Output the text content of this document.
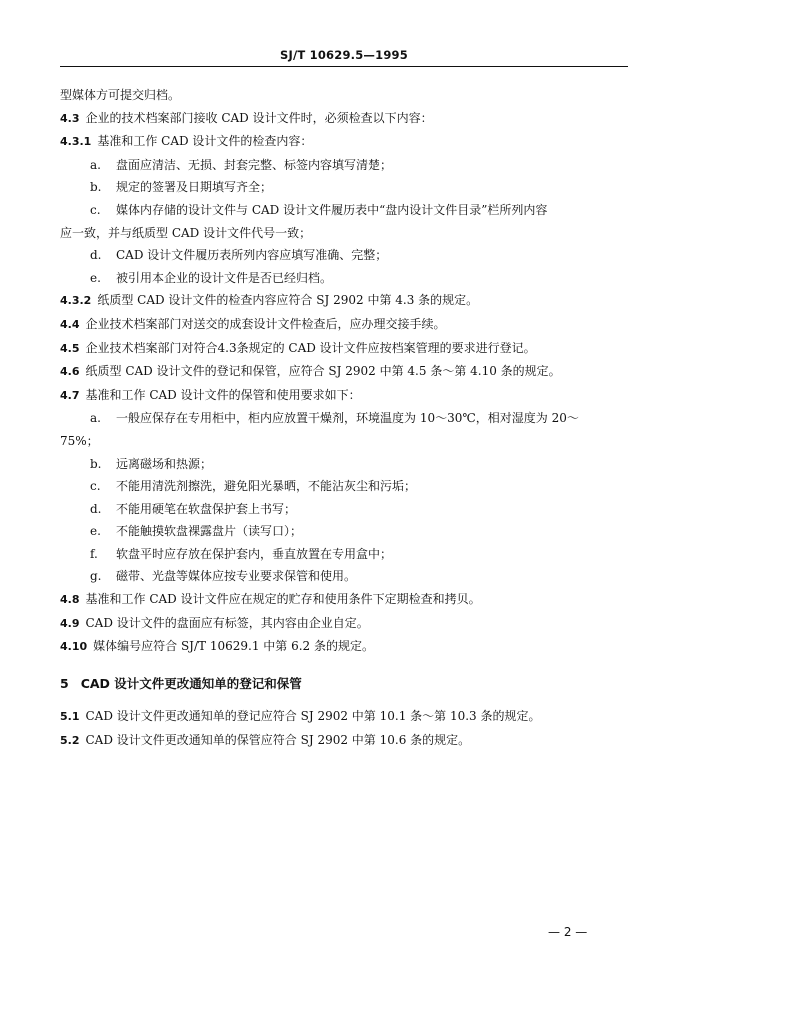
SJ/T 10629.5—1995
型媒体方可提交归档。
4.3 企业的技术档案部门接收 CAD 设计文件时，必须检查以下内容：
4.3.1 基准和工作 CAD 设计文件的检查内容：
a. 盘面应清洁、无损、封套完整、标签内容填写清楚；
b. 规定的签署及日期填写齐全；
c. 媒体内存储的设计文件与 CAD 设计文件履历表中“盘内设计文件目录”栏所列内容
应一致，并与纸质型 CAD 设计文件代号一致；
d. CAD 设计文件履历表所列内容应填写准确、完整；
e. 被引用本企业的设计文件是否已经归档。
4.3.2 纸质型 CAD 设计文件的检查内容应符合 SJ 2902 中第 4.3 条的规定。
4.4 企业技术档案部门对送交的成套设计文件检查后，应办理交接手续。
4.5 企业技术档案部门对符合4.3条规定的 CAD 设计文件应按档案管理的要求进行登记。
4.6 纸质型 CAD 设计文件的登记和保管，应符合 SJ 2902 中第 4.5 条～第 4.10 条的规定。
4.7 基准和工作 CAD 设计文件的保管和使用要求如下：
a. 一般应保存在专用柜中，柜内应放置干燥剂，环境温度为 10～30℃，相对湿度为 20～
75%；
b. 远离磁场和热源；
c. 不能用清洗剂擦洗，避免阳光暴晒，不能沾灰尘和污垢；
d. 不能用硬笔在软盘保护套上书写；
e. 不能触摸软盘裸露盘片（读写口）；
f. 软盘平时应存放在保护套内，垂直放置在专用盒中；
g. 磁带、光盘等媒体应按专业要求保管和使用。
4.8 基准和工作 CAD 设计文件应在规定的贮存和使用条件下定期检查和拷贝。
4.9 CAD 设计文件的盘面应有标签，其内容由企业自定。
4.10 媒体编号应符合 SJ/T 10629.1 中第 6.2 条的规定。
5 CAD 设计文件更改通知单的登记和保管
5.1 CAD 设计文件更改通知单的登记应符合 SJ 2902 中第 10.1 条～第 10.3 条的规定。
5.2 CAD 设计文件更改通知单的保管应符合 SJ 2902 中第 10.6 条的规定。
— 2 —
